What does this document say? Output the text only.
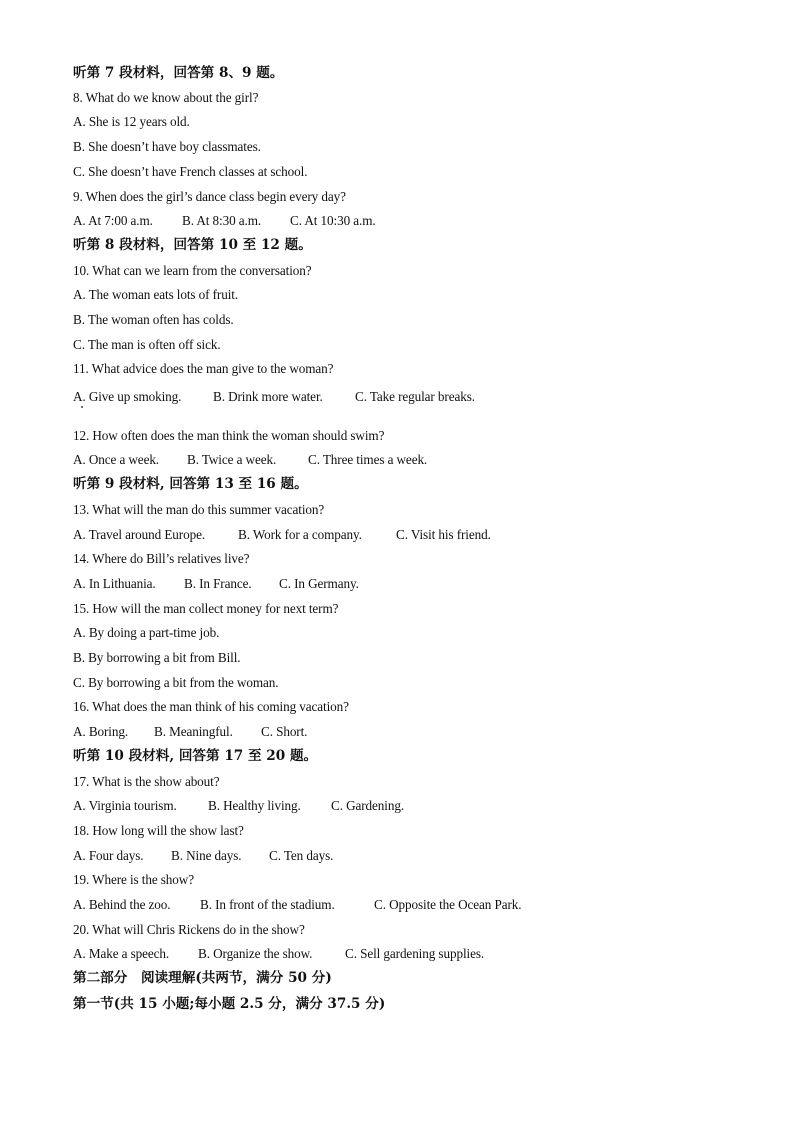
听第 7 段材料，回答第 8、9 题。
8. What do we know about the girl?
A. She is 12 years old.
B. She doesn’t have boy classmates.
C. She doesn’t have French classes at school.
9. When does the girl’s dance class begin every day?
A. At 7:00 a.m. B. At 8:30 a.m. C. At 10:30 a.m.
听第 8 段材料，回答第 10 至 12 题。
10. What can we learn from the conversation?
A. The woman eats lots of fruit.
B. The woman often has colds.
C. The man is often off sick.
11. What advice does the man give to the woman?
A. Give up smoking. B. Drink more water. C. Take regular breaks.
12. How often does the man think the woman should swim?
A. Once a week. B. Twice a week. C. Three times a week.
听第 9 段材料, 回答第 13 至 16 题。
13. What will the man do this summer vacation?
A. Travel around Europe. B. Work for a company.	C. Visit his friend.
14. Where do Bill’s relatives live?
A. In Lithuania. B. In France. C. In Germany.
15. How will the man collect money for next term?
A. By doing a part-time job.
B. By borrowing a bit from Bill.
C. By borrowing a bit from the woman.
16. What does the man think of his coming vacation?
A. Boring. B. Meaningful. C. Short.
听第 10 段材料, 回答第 17 至 20 题。
17. What is the show about?
A. Virginia tourism. B. Healthy living. C. Gardening.
18. How long will the show last?
A. Four days. B. Nine days. C. Ten days.
19. Where is the show?
A. Behind the zoo. B. In front of the stadium.	C. Opposite the Ocean Park.
20. What will Chris Rickens do in the show?
A. Make a speech. B. Organize the show. C. Sell gardening supplies.
第二部分　阅读理解(共两节，满分 50 分)
第一节(共 15 小题;每小题 2.5 分，满分 37.5 分)
